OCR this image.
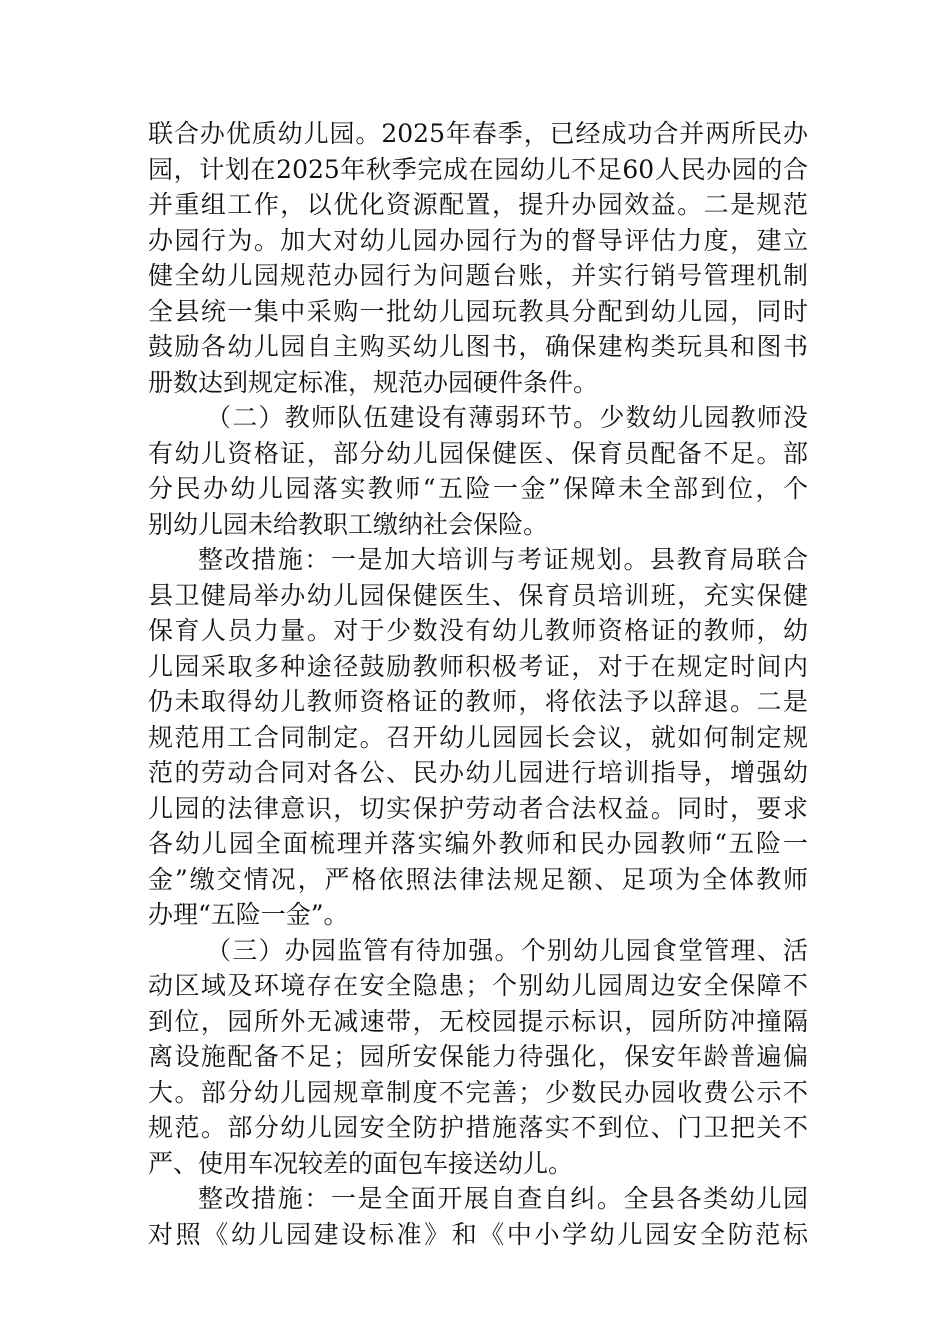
联合办优质幼儿园。2025年春季，已经成功合并两所民办
园，计划在2025年秋季完成在园幼儿不足60人民办园的合
并重组工作，以优化资源配置，提升办园效益。二是规范
办园行为。加大对幼儿园办园行为的督导评估力度，建立
健全幼儿园规范办园行为问题台账，并实行销号管理机制
全县统一集中采购一批幼儿园玩教具分配到幼儿园，同时
鼓励各幼儿园自主购买幼儿图书，确保建构类玩具和图书
册数达到规定标准，规范办园硬件条件。
（二）教师队伍建设有薄弱环节。少数幼儿园教师没
有幼儿资格证，部分幼儿园保健医、保育员配备不足。部
分民办幼儿园落实教师“五险一金”保障未全部到位，个
别幼儿园未给教职工缴纳社会保险。
整改措施：一是加大培训与考证规划。县教育局联合
县卫健局举办幼儿园保健医生、保育员培训班，充实保健
保育人员力量。对于少数没有幼儿教师资格证的教师，幼
儿园采取多种途径鼓励教师积极考证，对于在规定时间内
仍未取得幼儿教师资格证的教师，将依法予以辞退。二是
规范用工合同制定。召开幼儿园园长会议，就如何制定规
范的劳动合同对各公、民办幼儿园进行培训指导，增强幼
儿园的法律意识，切实保护劳动者合法权益。同时，要求
各幼儿园全面梳理并落实编外教师和民办园教师“五险一
金”缴交情况，严格依照法律法规足额、足项为全体教师
办理“五险一金”。
（三）办园监管有待加强。个别幼儿园食堂管理、活
动区域及环境存在安全隐患；个别幼儿园周边安全保障不
到位，园所外无减速带，无校园提示标识，园所防冲撞隔
离设施配备不足；园所安保能力待强化，保安年龄普遍偏
大。部分幼儿园规章制度不完善；少数民办园收费公示不
规范。部分幼儿园安全防护措施落实不到位、门卫把关不
严、使用车况较差的面包车接送幼儿。
整改措施：一是全面开展自查自纠。全县各类幼儿园
对照《幼儿园建设标准》和《中小学幼儿园安全防范标
